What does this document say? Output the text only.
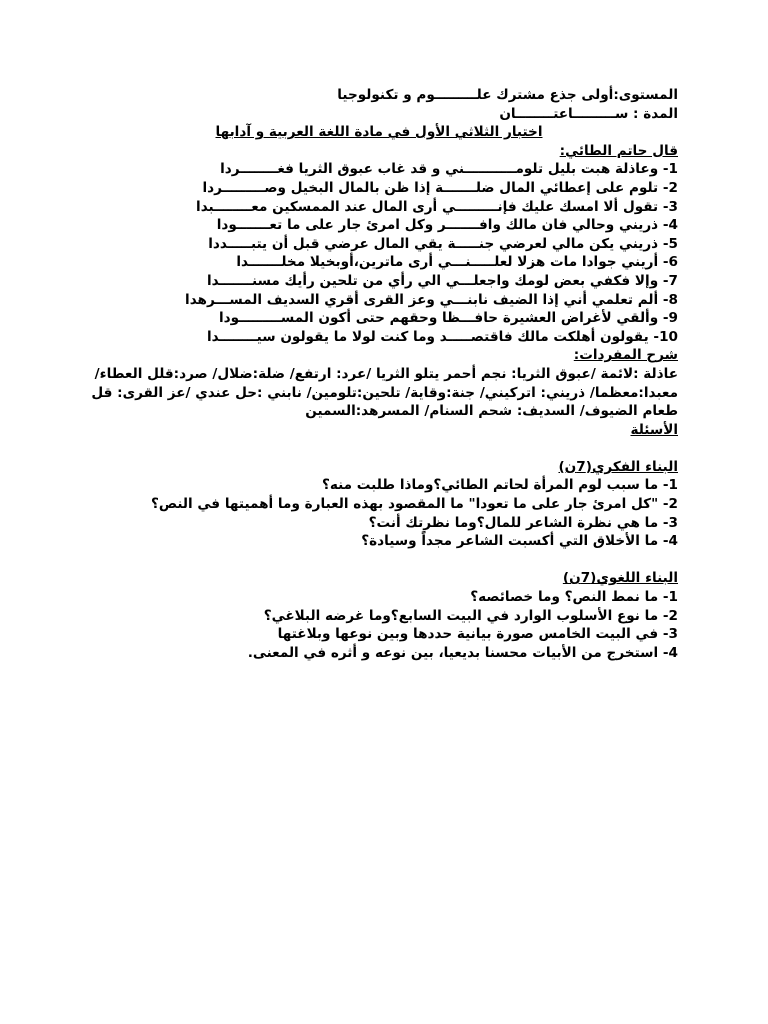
المستوى:أولى جذع مشترك علـــــــــوم و تكنولوجيا

المدة : ســـــــــاعتــــــــان

اختبار الثلاثي الأول في مادة اللغة العربية و آدابها

قال حاتم الطائي:

1- وعاذلة هبت بليل تلومـــــــــــني و قد غاب عبوق الثريا فغــــــــردا

2- تلوم على إعطائي المال ضلـــــــة إذا ظن بالمال البخيل وصـــــــــردا

3- تقول ألا امسك عليك فإنـــــــــي أرى المال عند الممسكين معــــــــبدا

4- ذريني وحالي فان مالك وافـــــــر وكل امرئ جار على ما تعـــــــودا

5- ذريني يكن مالي لعرضي جنـــــة يقي المال عرضي قبل أن يتبـــــددا

6- أريني جوادا مات هزلا لعلـــــنـــي أرى ماترين،أوبخيلا مخلـــــــدا

7- وإلا فكفي بعض لومك واجعلـــي الي رأي من تلحين رأيك مسنـــــــدا

8- ألم تعلمي أني إذا الضيف نابنـــي وعز القرى أقري السديف المســـرهدا

9- وألقي لأغراض العشيرة حافـــظا وحقهم حتى أكون المســـــــــودا

10- يقولون أهلكت مالك فاقتصـــــد وما كنت لولا ما يقولون سيــــــــدا

شرح المفردات:

عاذلة :لائمة /عبوق الثريا: نجم أحمر يتلو الثريا /عرد: ارتفع/ ضلة:ضلال/ صرد:قلل العطاء/ معبدا:معظما/ ذريني: اتركيني/ جنة:وقاية/ تلحين:تلومين/ نابني :حل عندي /عز القرى: قل طعام الضيوف/ السديف: شحم السنام/ المسرهد:السمين

الأسئلة

البناء الفكري(7ن)

1- ما سبب لوم المرأة لحاتم الطائي؟وماذا طلبت منه؟

2- "كل امرئ جار على ما تعودا" ما المقصود بهذه العبارة وما أهميتها في النص؟

3- ما هي نظرة الشاعر للمال؟وما نظرتك أنت؟

4- ما الأخلاق التي أكسبت الشاعر مجداً وسيادة؟

البناء اللغوي(7ن)

1- ما نمط النص؟ وما خصائصه؟

2- ما نوع الأسلوب الوارد في البيت السابع؟وما غرضه البلاغي؟

3- في البيت الخامس صورة بيانية حددها وبين نوعها وبلاغتها

4- استخرج من الأبيات محسنا بديعيا، بين نوعه و أثره في المعنى.
